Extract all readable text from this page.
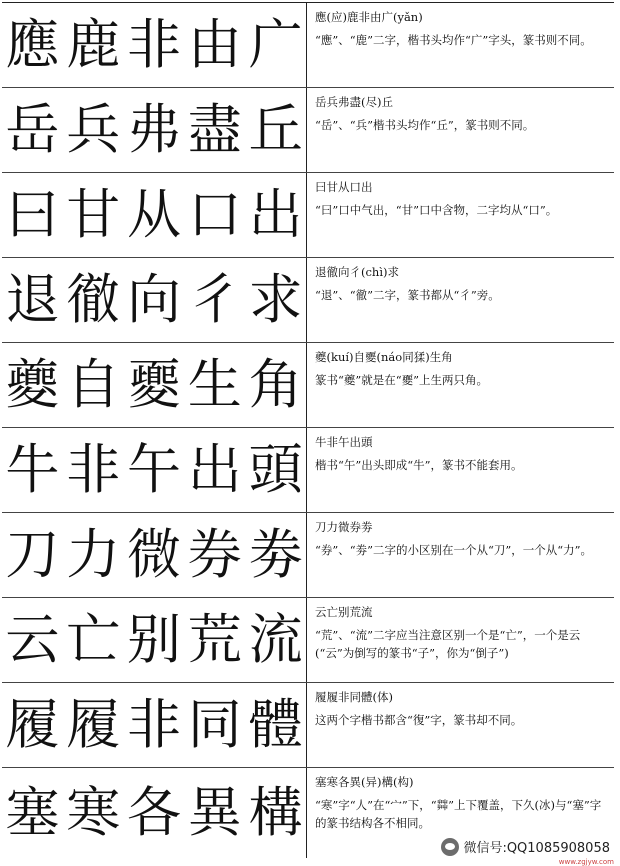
應 鹿 非 由 广 應(应)鹿非由广(yǎn)
“應”、“鹿”二字，楷书头均作“广”字头，篆书则不同。
岳 兵 弗 盡 丘 岳兵弗盡(尽)丘
“岳”、“兵”楷书头均作“丘”，篆书则不同。
曰 甘 从 口 出 曰甘从口出
“曰”口中气出，“甘”口中含物，二字均从“口”。
退 徹 向 彳 求 退徹向彳(chì)求
“退”、“徹”二字，篆书都从“彳”旁。
夔 自 夒 生 角 夔(kuí)自夒(náo同猱)生角
篆书“夔”就是在“夒”上生两只角。
牛 非 午 出 頭 牛非午出頭
楷书“午”出头即成“牛”，篆书不能套用。
刀 力 微 券 劵 刀力微券劵
“券”、“劵”二字的小区别在一个从“刀”，一个从“力”。
云 亡 别 荒 流 云亡别荒流
“荒”、“流”二字应当注意区别一个是“亡”，一个是云(“云”为倒写的篆书“子”，你为“倒子”)
履 履 非 同 體 履履非同體(体)
这两个字楷书都含“復”字，篆书却不同。
塞 寒 各 異 構 塞寒各異(异)構(构)
“寒”字“人”在“宀”下，“茻”上下覆盖，下久(冰)与“塞”字的篆书结构各不相同。
微信号:QQ1085908058
www.zgjyw.com
